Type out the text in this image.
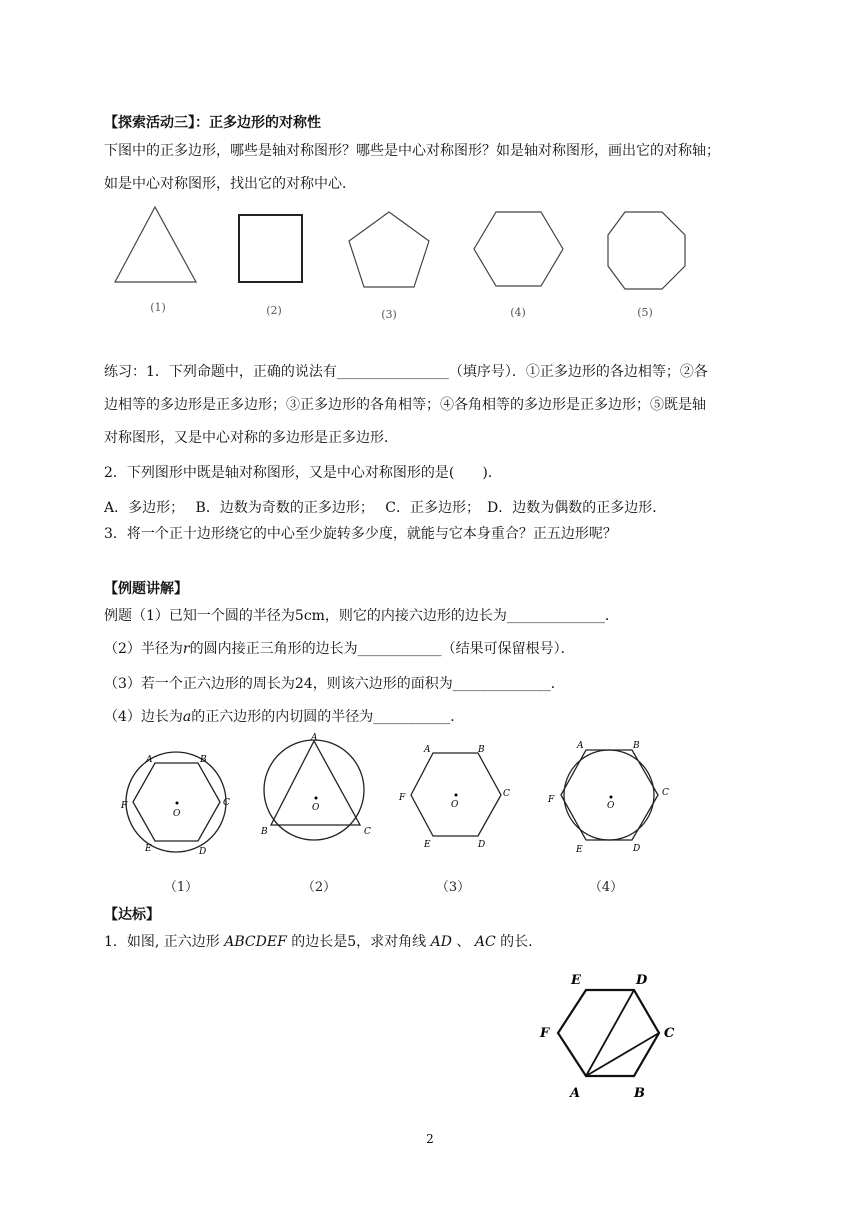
【探索活动三】：正多边形的对称性
下图中的正多边形，哪些是轴对称图形？哪些是中心对称图形？如是轴对称图形，画出它的对称轴；
如是中心对称图形，找出它的对称中心．
A	B
C
D
E
F
O
A
B	C
O
A	B
C
D
E
F
O
A	B
C
D
E
F
O
E	D
F	C
A	B
(1)	(2)	(3)	(4)	(5)
练习：1．下列命题中，正确的说法有________________（填序号）．①正多边形的各边相等；②各
边相等的多边形是正多边形；③正多边形的各角相等；④各角相等的多边形是正多边形；⑤既是轴
对称图形，又是中心对称的多边形是正多边形．
2．下列图形中既是轴对称图形，又是中心对称图形的是(　　)．
A．多边形；　 B．边数为奇数的正多边形；　 C．正多边形；　D．边数为偶数的正多边形．
3．将一个正十边形绕它的中心至少旋转多少度，就能与它本身重合？正五边形呢？
【例题讲解】
例题（1）已知一个圆的半径为5cm，则它的内接六边形的边长为______________．
（2）半径为r的圆内接正三角形的边长为____________（结果可保留根号）．
（3）若一个正六边形的周长为24，则该六边形的面积为______________．
（4）边长为a的正六边形的内切圆的半径为___________．
（1）	（2）	（3）	（4）
【达标】
1．如图, 正六边形 ABCDEF 的边长是5，求对角线 AD 、 AC 的长.
2
